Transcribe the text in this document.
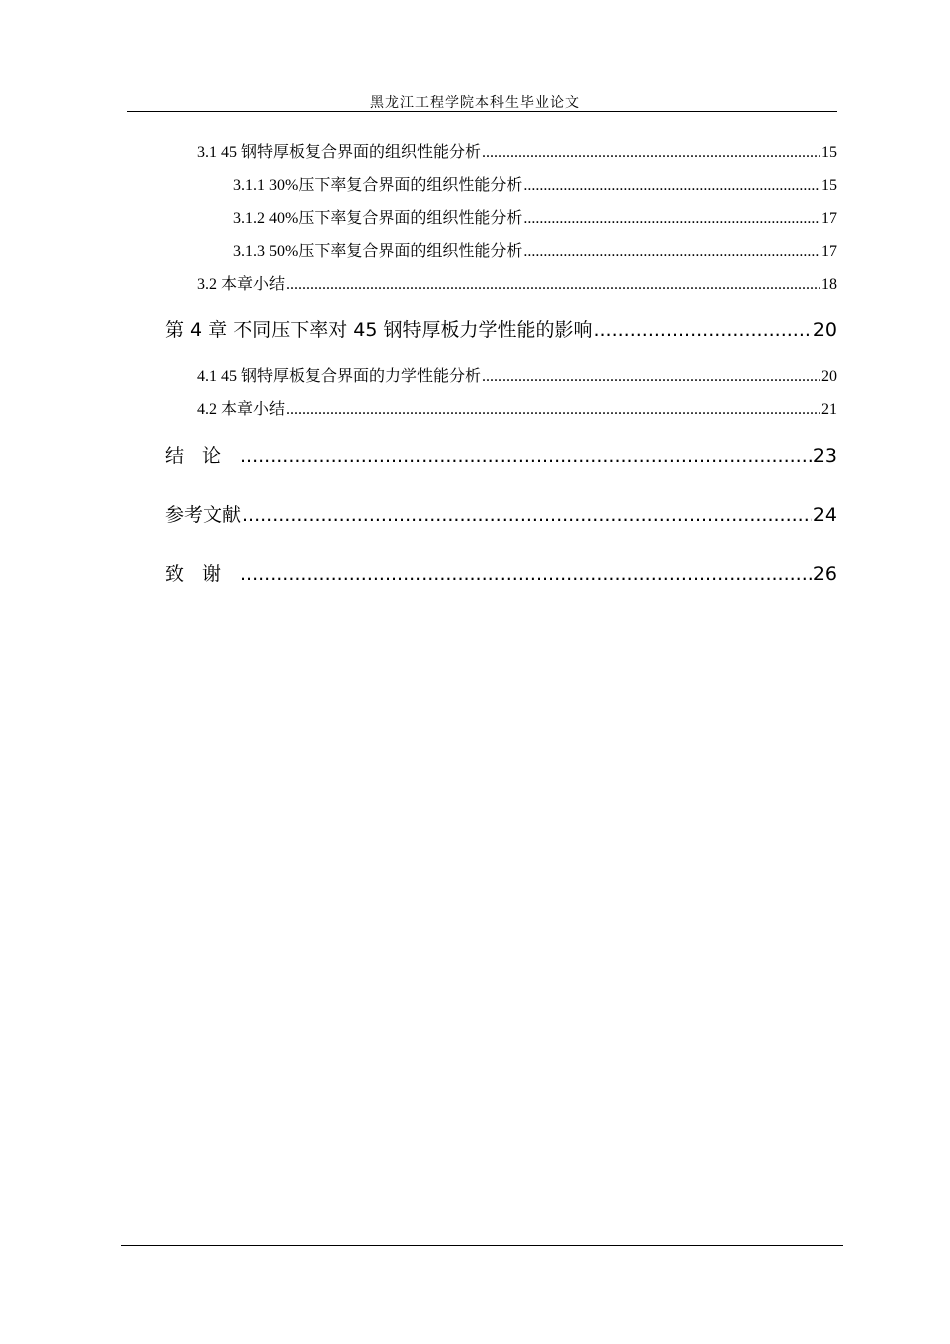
黑龙江工程学院本科生毕业论文
3.1 45 钢特厚板复合界面的组织性能分析 .....	15
3.1.1 30%压下率复合界面的组织性能分析 .....	15
3.1.2 40%压下率复合界面的组织性能分析 .....	17
3.1.3 50%压下率复合界面的组织性能分析 .....	17
3.2 本章小结 .....	18
第 4 章 不同压下率对 45 钢特厚板力学性能的影响 .....	20
4.1 45 钢特厚板复合界面的力学性能分析 .....	20
4.2 本章小结 .....	21
结论 .....	23
参考文献 .....	24
致谢 .....	26
